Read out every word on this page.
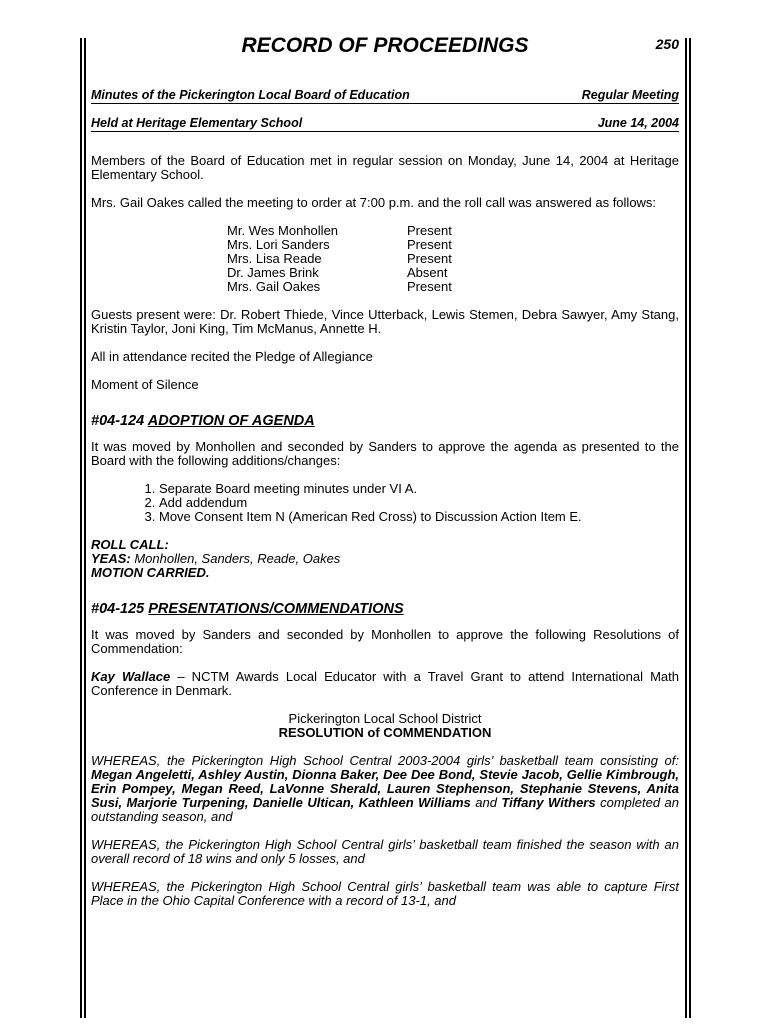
RECORD OF PROCEEDINGS	250
Minutes of the Pickerington Local Board of Education	Regular Meeting
Held at Heritage Elementary School	June 14, 2004

Members of the Board of Education met in regular session on Monday, June 14, 2004 at Heritage Elementary School.

Mrs. Gail Oakes called the meeting to order at 7:00 p.m. and the roll call was answered as follows:

Mr. Wes Monhollen	Present
Mrs. Lori Sanders	Present
Mrs. Lisa Reade	Present
Dr. James Brink	Absent
Mrs. Gail Oakes	Present

Guests present were: Dr. Robert Thiede, Vince Utterback, Lewis Stemen, Debra Sawyer, Amy Stang, Kristin Taylor, Joni King, Tim McManus, Annette H.

All in attendance recited the Pledge of Allegiance

Moment of Silence

#04-124 ADOPTION OF AGENDA

It was moved by Monhollen and seconded by Sanders to approve the agenda as presented to the Board with the following additions/changes:

1. Separate Board meeting minutes under VI A.
2. Add addendum
3. Move Consent Item N (American Red Cross) to Discussion Action Item E.

ROLL CALL:
YEAS: Monhollen, Sanders, Reade, Oakes
MOTION CARRIED.

#04-125 PRESENTATIONS/COMMENDATIONS

It was moved by Sanders and seconded by Monhollen to approve the following Resolutions of Commendation:

Kay Wallace – NCTM Awards Local Educator with a Travel Grant to attend International Math Conference in Denmark.

Pickerington Local School District

RESOLUTION of COMMENDATION

WHEREAS, the Pickerington High School Central 2003-2004 girls’ basketball team consisting of: Megan Angeletti, Ashley Austin, Dionna Baker, Dee Dee Bond, Stevie Jacob, Gellie Kimbrough, Erin Pompey, Megan Reed, LaVonne Sherald, Lauren Stephenson, Stephanie Stevens, Anita Susi, Marjorie Turpening, Danielle Ultican, Kathleen Williams and Tiffany Withers completed an outstanding season, and

WHEREAS, the Pickerington High School Central girls’ basketball team finished the season with an overall record of 18 wins and only 5 losses, and

WHEREAS, the Pickerington High School Central girls’ basketball team was able to capture First Place in the Ohio Capital Conference with a record of 13-1, and
